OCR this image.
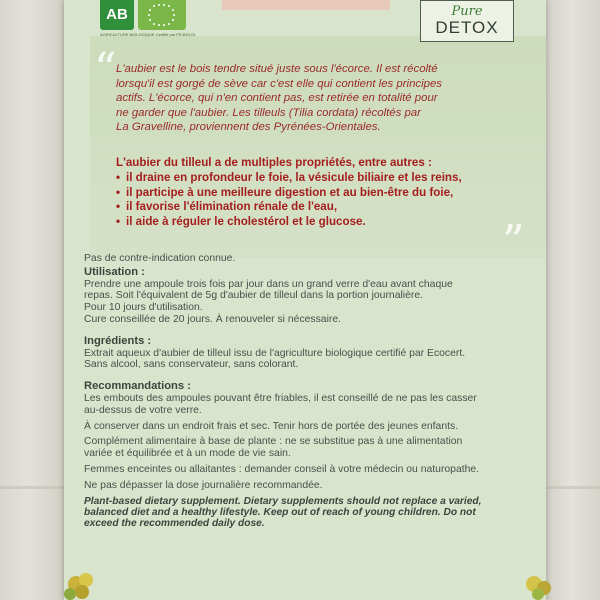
AB
AGRICULTURE BIOLOGIQUE Certifié par FR-BIO-01
Pure
DETOX
“
”
L'aubier est le bois tendre situé juste sous l'écorce. Il est récolté
lorsqu'il est gorgé de sève car c'est elle qui contient les principes
actifs. L'écorce, qui n'en contient pas, est retirée en totalité pour
ne garder que l'aubier. Les tilleuls (Tilia cordata) récoltés par
La Gravelline, proviennent des Pyrénées-Orientales.
L'aubier du tilleul a de multiples propriétés, entre autres :
• il draine en profondeur le foie, la vésicule biliaire et les reins,
• il participe à une meilleure digestion et au bien-être du foie,
• il favorise l'élimination rénale de l'eau,
• il aide à réguler le cholestérol et le glucose.

Pas de contre-indication connue.

Utilisation :

Prendre une ampoule trois fois par jour dans un grand verre d'eau avant chaque

repas. Soit l'équivalent de 5g d'aubier de tilleul dans la portion journalière.

Pour 10 jours d'utilisation.

Cure conseillée de 20 jours. À renouveler si nécessaire.

Ingrédients :

Extrait aqueux d'aubier de tilleul issu de l'agriculture biologique certifié par Ecocert.

Sans alcool, sans conservateur, sans colorant.

Recommandations :

Les embouts des ampoules pouvant être friables, il est conseillé de ne pas les casser

au-dessus de votre verre.

À conserver dans un endroit frais et sec. Tenir hors de portée des jeunes enfants.

Complément alimentaire à base de plante : ne se substitue pas à une alimentation

variée et équilibrée et à un mode de vie sain.

Femmes enceintes ou allaitantes : demander conseil à votre médecin ou naturopathe.

Ne pas dépasser la dose journalière recommandée.

Plant-based dietary supplement. Dietary supplements should not replace a varied,

balanced diet and a healthy lifestyle. Keep out of reach of young children. Do not

exceed the recommended daily dose.
